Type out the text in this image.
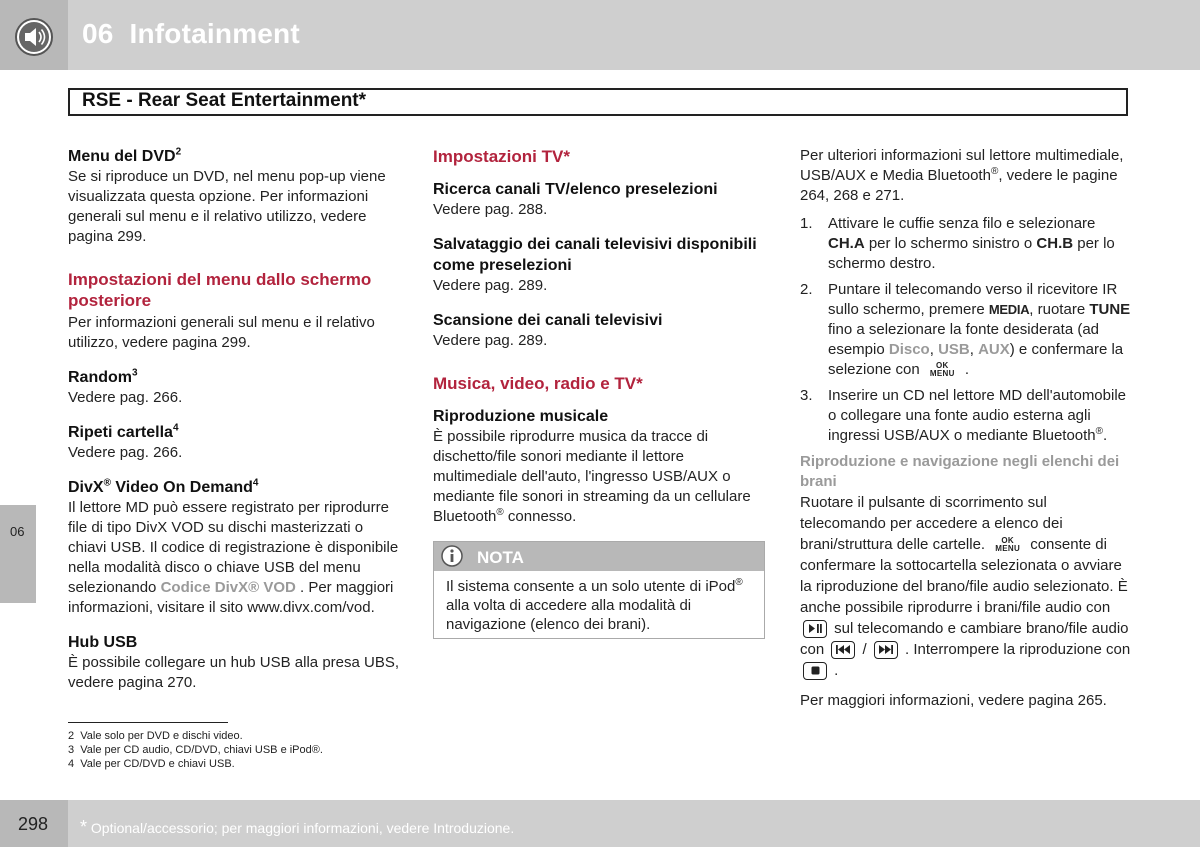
06  Infotainment
RSE - Rear Seat Entertainment*
06

Menu del DVD$^2$

Se si riproduce un DVD, nel menu pop-up viene visualizzata questa opzione. Per informazioni generali sul menu e il relativo utilizzo, vedere pagina 299.

Impostazioni del menu dallo schermo posteriore

Per informazioni generali sul menu e il relativo utilizzo, vedere pagina 299.

Random$^3$

Vedere pag. 266.

Ripeti cartella$^4$

Vedere pag. 266.

DivX® Video On Demand$^4$

Il lettore MD può essere registrato per riprodurre file di tipo DivX VOD su dischi masterizzati o chiavi USB. Il codice di registrazione è disponibile nella modalità disco o chiave USB del menu selezionando Codice DivX® VOD . Per maggiori informazioni, visitare il sito www.divx.com/vod.

Hub USB

È possibile collegare un hub USB alla presa UBS, vedere pagina 270.

2 Vale solo per DVD e dischi video.
3 Vale per CD audio, CD/DVD, chiavi USB e iPod®.
4 Vale per CD/DVD e chiavi USB.

Impostazioni TV*

Ricerca canali TV/elenco preselezioni

Vedere pag. 288.

Salvataggio dei canali televisivi disponibili come preselezioni

Vedere pag. 289.

Scansione dei canali televisivi

Vedere pag. 289.

Musica, video, radio e TV*

Riproduzione musicale

È possibile riprodurre musica da tracce di dischetto/file sonori mediante il lettore multimediale dell'auto, l'ingresso USB/AUX o mediante file sonori in streaming da un cellulare Bluetooth® connesso.

NOTA
Il sistema consente a un solo utente di iPod® alla volta di accedere alla modalità di navigazione (elenco dei brani).

Per ulteriori informazioni sul lettore multimediale, USB/AUX e Media Bluetooth®, vedere le pagine 264, 268 e 271.

1. Attivare le cuffie senza filo e selezionare CH.A per lo schermo sinistro o CH.B per lo schermo destro.
2. Puntare il telecomando verso il ricevitore IR sullo schermo, premere MEDIA, ruotare TUNE fino a selezionare la fonte desiderata (ad esempio Disco, USB, AUX) e confermare la selezione con OK
MENU .
3. Inserire un CD nel lettore MD dell'automobile o collegare una fonte audio esterna agli ingressi USB/AUX o mediante Bluetooth®.

Riproduzione e navigazione negli elenchi dei brani

Ruotare il pulsante di scorrimento sul telecomando per accedere a elenco dei brani/struttura delle cartelle. OK
MENU consente di confermare la sottocartella selezionata o avviare la riproduzione del brano/file audio selezionato. È anche possibile riprodurre i brani/file audio con
sul telecomando e cambiare brano/file audio con
/
. Interrompere la riproduzione con
.

Per maggiori informazioni, vedere pagina 265.

298 * Optional/accessorio; per maggiori informazioni, vedere Introduzione.
